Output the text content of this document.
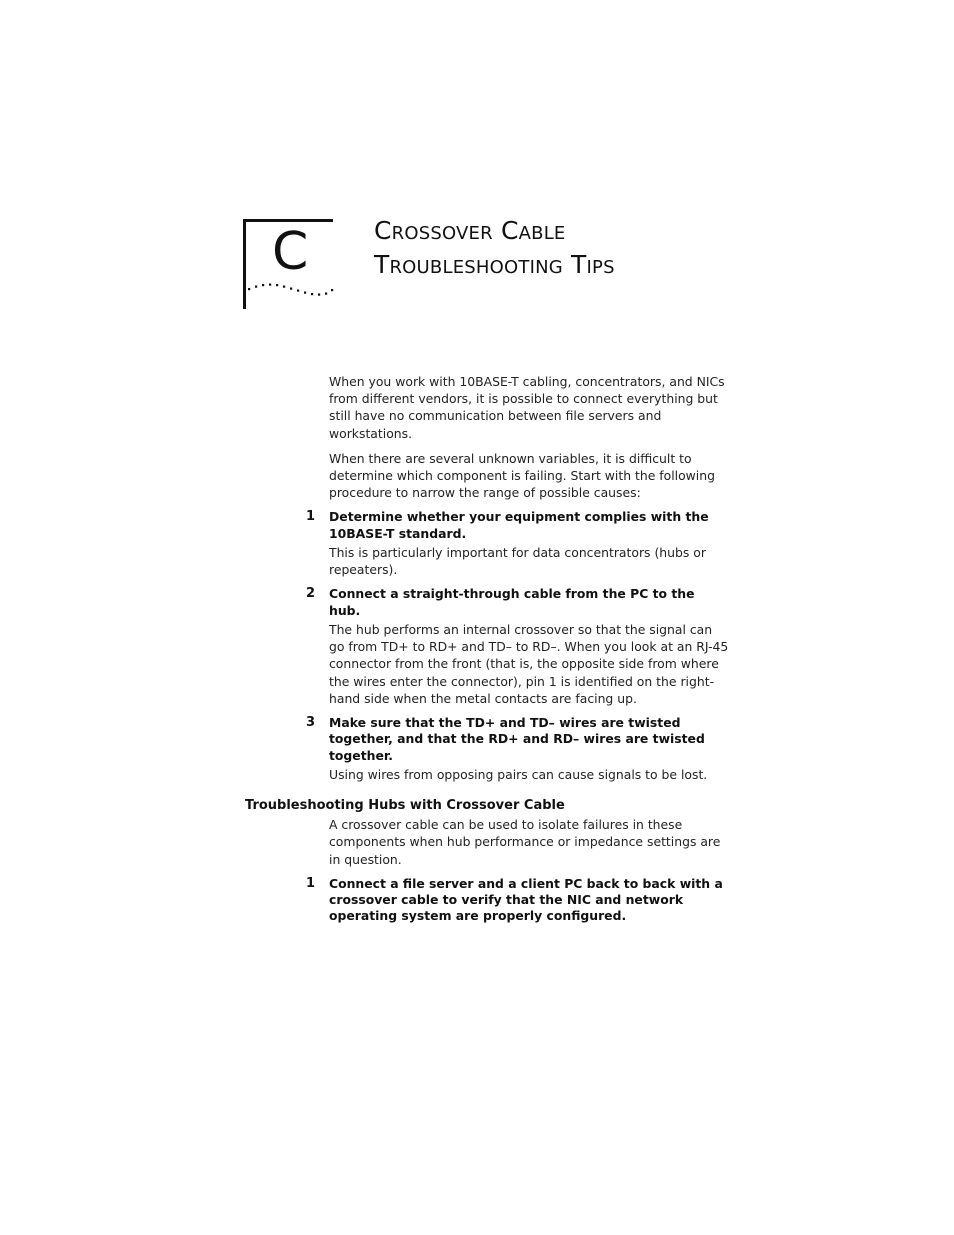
C	Crossover Cable
Troubleshooting Tips

When you work with 10BASE-T cabling, concentrators, and NICs from different vendors, it is possible to connect everything but still have no communication between file servers and workstations.

When there are several unknown variables, it is difficult to determine which component is failing. Start with the following procedure to narrow the range of possible causes:

1 Determine whether your equipment complies with the 10BASE-T standard.

This is particularly important for data concentrators (hubs or repeaters).

2 Connect a straight-through cable from the PC to the hub.

The hub performs an internal crossover so that the signal can go from TD+ to RD+ and TD– to RD–. When you look at an RJ-45 connector from the front (that is, the opposite side from where the wires enter the connector), pin 1 is identified on the right-hand side when the metal contacts are facing up.

3 Make sure that the TD+ and TD– wires are twisted together, and that the RD+ and RD– wires are twisted together.

Using wires from opposing pairs can cause signals to be lost.

Troubleshooting Hubs with Crossover Cable

A crossover cable can be used to isolate failures in these components when hub performance or impedance settings are in question.

1 Connect a file server and a client PC back to back with a crossover cable to verify that the NIC and network operating system are properly configured.
